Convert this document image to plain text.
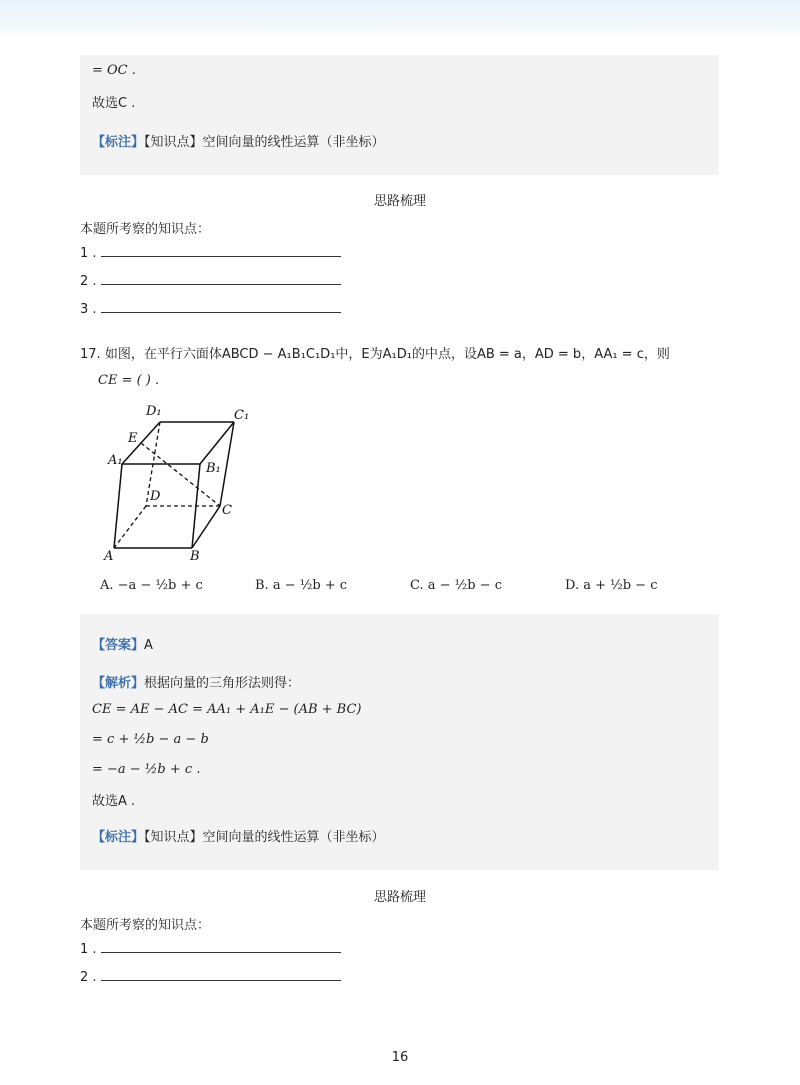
= OC .
故选C .
【标注】【知识点】空间向量的线性运算（非坐标）
思路梳理
本题所考察的知识点：
1 .
2 .
3 .
17. 如图，在平行六面体ABCD − A₁B₁C₁D₁中，E为A₁D₁的中点，设AB = a，AD = b，AA₁ = c，则
CE = ( ) .
D₁	C₁
E
A₁
B₁
D
C
A	B
A. −a − ½b + c	B. a − ½b + c	C. a − ½b − c	D. a + ½b − c
【答案】A
【解析】根据向量的三角形法则得：
CE = AE − AC = AA₁ + A₁E − (AB + BC)
= c + ½b − a − b
= −a − ½b + c .
故选A .
【标注】【知识点】空间向量的线性运算（非坐标）
思路梳理
本题所考察的知识点：
1 .
2 .
16
